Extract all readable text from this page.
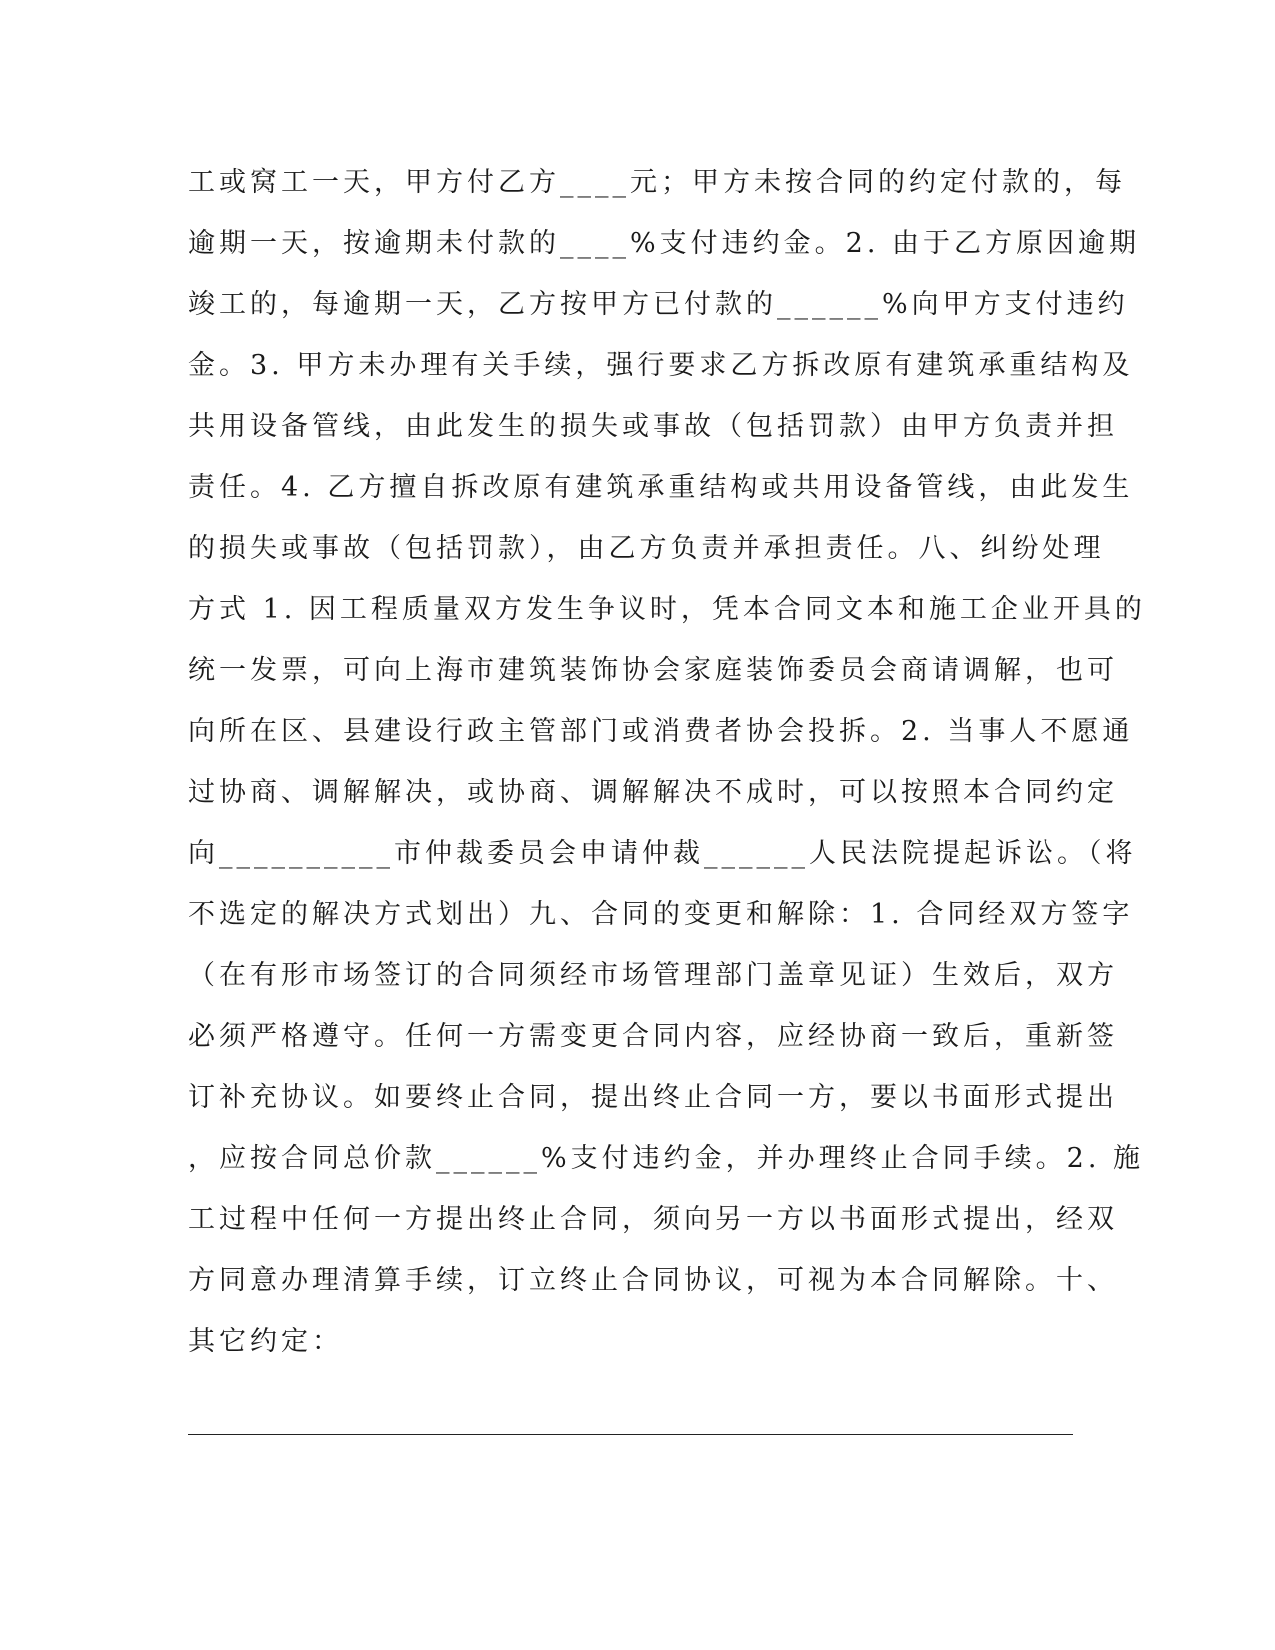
工或窝工一天，甲方付乙方____元；甲方未按合同的约定付款的，每
逾期一天，按逾期未付款的____%支付违约金。2. 由于乙方原因逾期
竣工的，每逾期一天，乙方按甲方已付款的______%向甲方支付违约
金。3. 甲方未办理有关手续，强行要求乙方拆改原有建筑承重结构及
共用设备管线，由此发生的损失或事故（包括罚款）由甲方负责并担
责任。4. 乙方擅自拆改原有建筑承重结构或共用设备管线，由此发生
的损失或事故（包括罚款），由乙方负责并承担责任。八、纠纷处理
方式 1. 因工程质量双方发生争议时，凭本合同文本和施工企业开具的
统一发票，可向上海市建筑装饰协会家庭装饰委员会商请调解，也可
向所在区、县建设行政主管部门或消费者协会投拆。2. 当事人不愿通
过协商、调解解决，或协商、调解解决不成时，可以按照本合同约定
向__________市仲裁委员会申请仲裁______人民法院提起诉讼。（将
不选定的解决方式划出）九、合同的变更和解除：1. 合同经双方签字
（在有形市场签订的合同须经市场管理部门盖章见证）生效后，双方
必须严格遵守。任何一方需变更合同内容，应经协商一致后，重新签
订补充协议。如要终止合同，提出终止合同一方，要以书面形式提出
，应按合同总价款______%支付违约金，并办理终止合同手续。2. 施
工过程中任何一方提出终止合同，须向另一方以书面形式提出，经双
方同意办理清算手续，订立终止合同协议，可视为本合同解除。十、
其它约定：
